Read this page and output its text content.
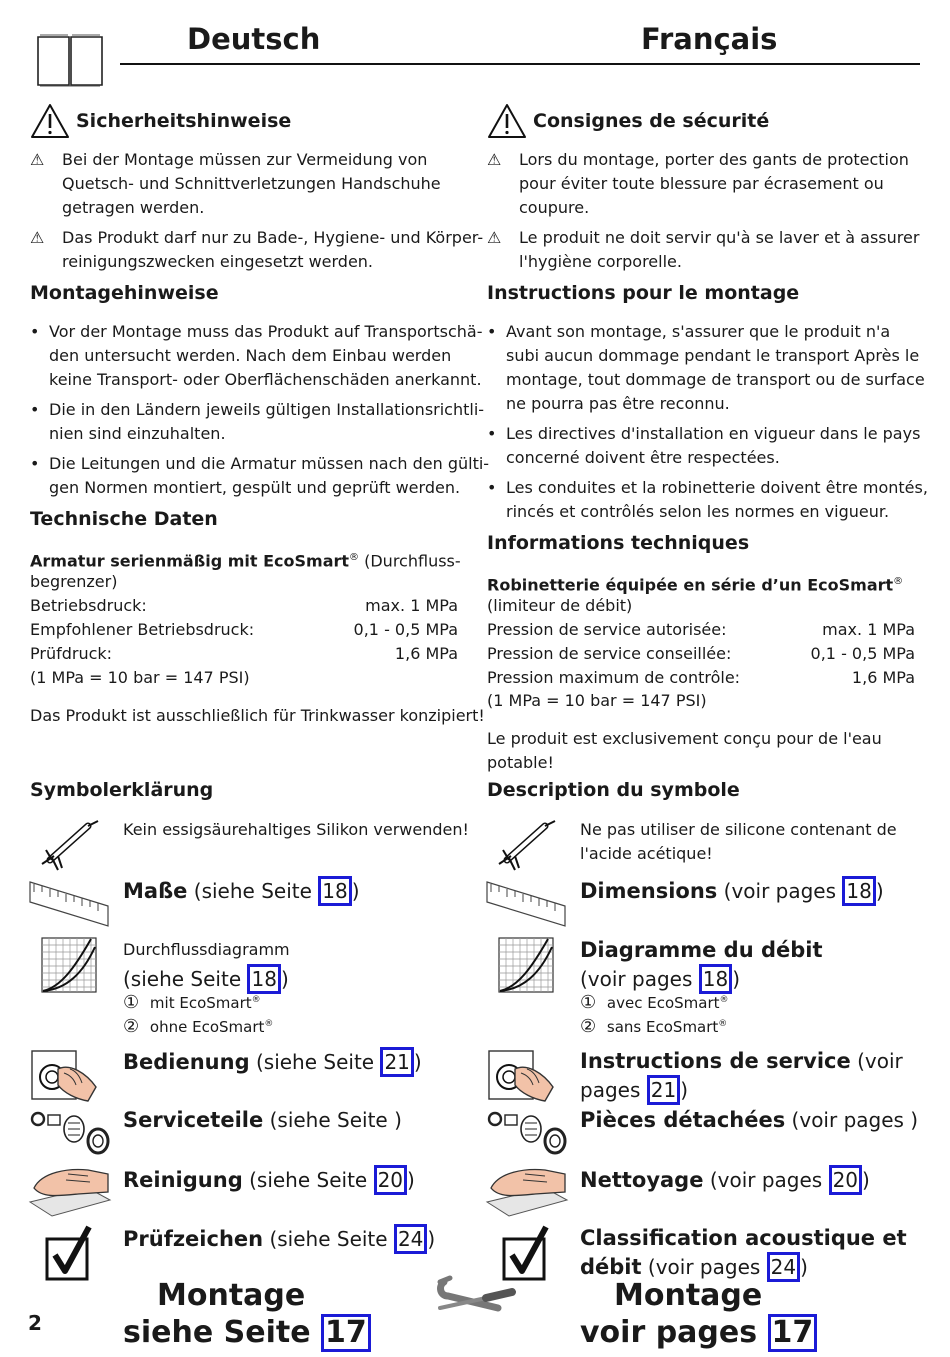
Deutsch	Français
Sicherheitshinweise
⚠ Bei der Montage müssen zur Vermeidung von
Quetsch- und Schnittverletzungen Handschuhe
getragen werden.
⚠ Das Produkt darf nur zu Bade-, Hygiene- und Körper-
reinigungszwecken eingesetzt werden.
Montagehinweise
• Vor der Montage muss das Produkt auf Transportschä-
den untersucht werden. Nach dem Einbau werden
keine Transport- oder Oberflächenschäden anerkannt.
• Die in den Ländern jeweils gültigen Installationsrichtli-
nien sind einzuhalten.
• Die Leitungen und die Armatur müssen nach den gülti-
gen Normen montiert, gespült und geprüft werden.
Technische Daten
Armatur serienmäßig mit EcoSmart® (Durchfluss-
begrenzer)
Betriebsdruck:	max. 1 MPa
Empfohlener Betriebsdruck:	0,1 - 0,5 MPa
Prüfdruck:	1,6 MPa
(1 MPa = 10 bar = 147 PSI)
Das Produkt ist ausschließlich für Trinkwasser konzipiert!
Symbolerklärung
Kein essigsäurehaltiges Silikon verwenden!
Maße (siehe Seite 18 )
Durchflussdiagramm
(siehe Seite 18 )
① mit EcoSmart®
② ohne EcoSmart®
Bedienung (siehe Seite 21 )
Serviceteile (siehe Seite )
Reinigung (siehe Seite 20 )
Prüfzeichen (siehe Seite 24 )
Montage
siehe Seite 17
2
Consignes de sécurité
⚠ Lors du montage, porter des gants de protection
pour éviter toute blessure par écrasement ou
coupure.
⚠ Le produit ne doit servir qu'à se laver et à assurer
l'hygiène corporelle.
Instructions pour le montage
• Avant son montage, s'assurer que le produit n'a
subi aucun dommage pendant le transport Après le
montage, tout dommage de transport ou de surface
ne pourra pas être reconnu.
• Les directives d'installation en vigueur dans le pays
concerné doivent être respectées.
• Les conduites et la robinetterie doivent être montés,
rincés et contrôlés selon les normes en vigueur.
Informations techniques
Robinetterie équipée en série d’un EcoSmart®
(limiteur de débit)
Pression de service autorisée:	max. 1 MPa
Pression de service conseillée:	0,1 - 0,5 MPa
Pression maximum de contrôle:	1,6 MPa
(1 MPa = 10 bar = 147 PSI)
Le produit est exclusivement conçu pour de l'eau
potable!
Description du symbole
Ne pas utiliser de silicone contenant de
l'acide acétique!
Dimensions (voir pages 18 )
Diagramme du débit
(voir pages 18 )
① avec EcoSmart®
② sans EcoSmart®
Instructions de service (voir
pages 21 )
Pièces détachées (voir pages )
Nettoyage (voir pages 20 )
Classification acoustique et
débit (voir pages 24 )
Montage
voir pages 17
